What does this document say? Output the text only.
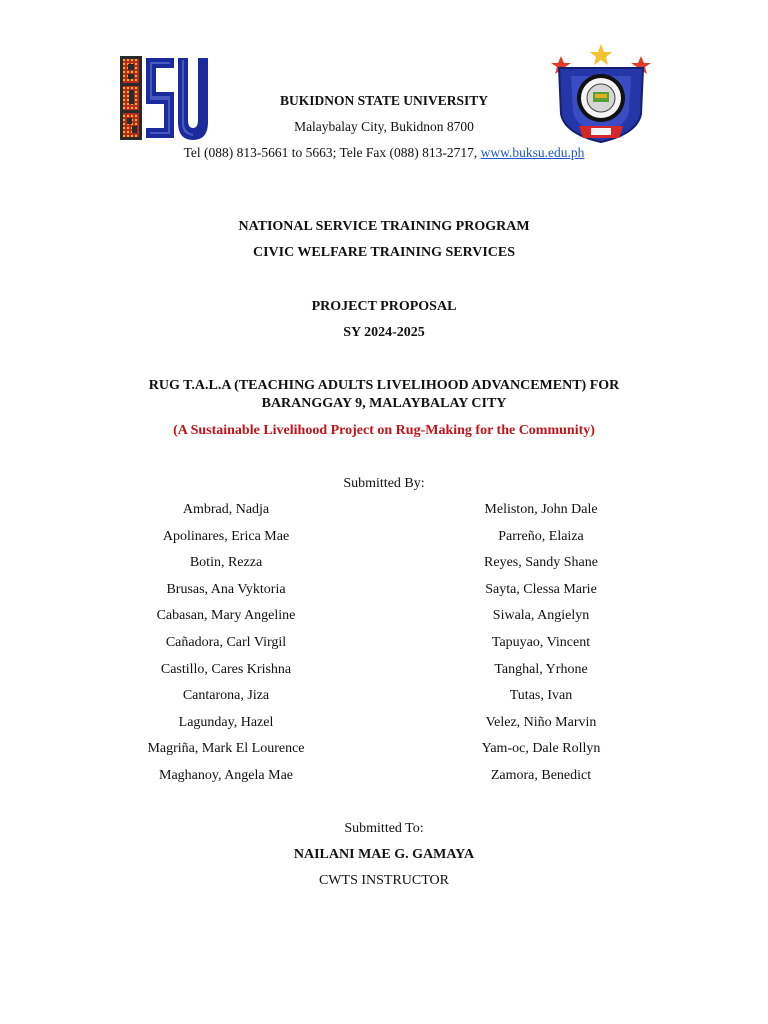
BUKIDNON STATE UNIVERSITY
Malaybalay City, Bukidnon 8700
Tel (088) 813-5661 to 5663; Tele Fax (088) 813-2717, www.buksu.edu.ph
NATIONAL SERVICE TRAINING PROGRAM
CIVIC WELFARE TRAINING SERVICES
PROJECT PROPOSAL
SY 2024-2025
RUG T.A.L.A (TEACHING ADULTS LIVELIHOOD ADVANCEMENT) FOR
BARANGGAY 9, MALAYBALAY CITY
(A Sustainable Livelihood Project on Rug-Making for the Community)
Submitted By:
Ambrad, Nadja
Apolinares, Erica Mae
Botin, Rezza
Brusas, Ana Vyktoria
Cabasan, Mary Angeline
Cañadora, Carl Virgil
Castillo, Cares Krishna
Cantarona, Jiza
Lagunday, Hazel
Magriña, Mark El Lourence
Maghanoy, Angela Mae
Meliston, John Dale
Parreño, Elaiza
Reyes, Sandy Shane
Sayta, Clessa Marie
Siwala, Angielyn
Tapuyao, Vincent
Tanghal, Yrhone
Tutas, Ivan
Velez, Niño Marvin
Yam-oc, Dale Rollyn
Zamora, Benedict
Submitted To:
NAILANI MAE G. GAMAYA
CWTS INSTRUCTOR
